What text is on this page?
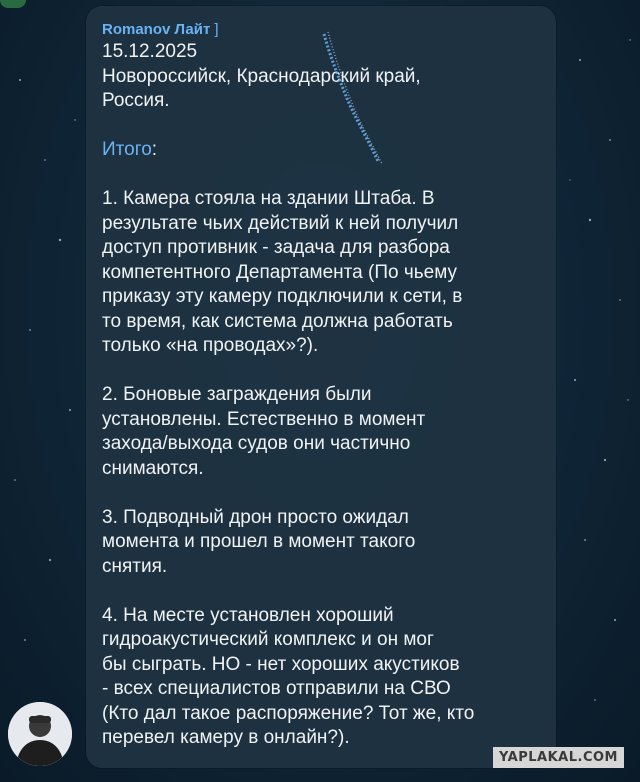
Romanov Лайт ]
15.12.2025
Новороссийск, Краснодарский край,
Россия.
Итого:
1. Камера стояла на здании Штаба. В
результате чьих действий к ней получил
доступ противник - задача для разбора
компетентного Департамента (По чьему
приказу эту камеру подключили к сети, в
то время, как система должна работать
только «на проводах»?).
2. Боновые заграждения были
установлены. Естественно в момент
захода/выхода судов они частично
снимаются.
3. Подводный дрон просто ожидал
момента и прошел в момент такого
снятия.
4. На месте установлен хороший
гидроакустический комплекс и он мог
бы сыграть. НО - нет хороших акустиков
- всех специалистов отправили на СВО
(Кто дал такое распоряжение? Тот же, кто
перевел камеру в онлайн?).
YAPLAKAL.COM
